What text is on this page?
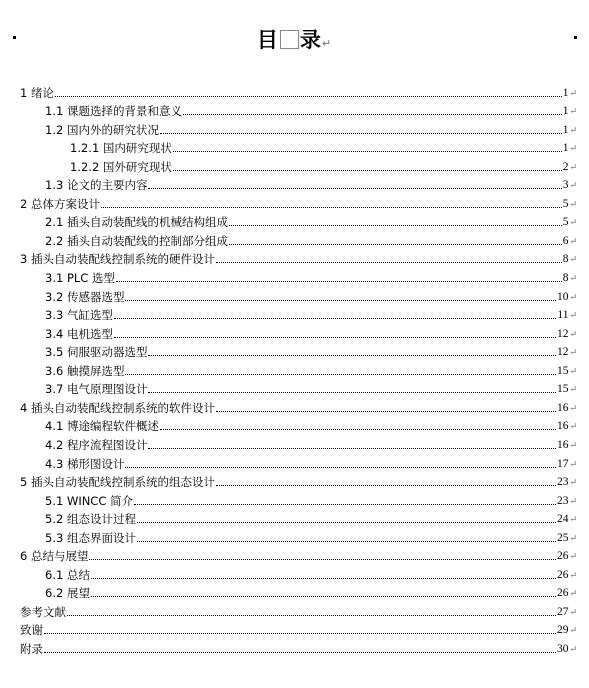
目 录↵
1 绪论	1 ↵
1.1 课题选择的背景和意义	1 ↵
1.2 国内外的研究状况	1 ↵
1.2.1 国内研究现状	1 ↵
1.2.2 国外研究现状	2 ↵
1.3 论文的主要内容	3 ↵
2 总体方案设计	5 ↵
2.1 插头自动装配线的机械结构组成	5 ↵
2.2 插头自动装配线的控制部分组成	6 ↵
3 插头自动装配线控制系统的硬件设计	8 ↵
3.1 PLC 选型	8 ↵
3.2 传感器选型	10 ↵
3.3 气缸选型	11 ↵
3.4 电机选型	12 ↵
3.5 伺服驱动器选型	12 ↵
3.6 触摸屏选型	15 ↵
3.7 电气原理图设计	15 ↵
4 插头自动装配线控制系统的软件设计	16 ↵
4.1 博途编程软件概述	16 ↵
4.2 程序流程图设计	16 ↵
4.3 梯形图设计	17 ↵
5 插头自动装配线控制系统的组态设计	23 ↵
5.1 WINCC 简介	23 ↵
5.2 组态设计过程	24 ↵
5.3 组态界面设计	25 ↵
6 总结与展望	26 ↵
6.1 总结	26 ↵
6.2 展望	26 ↵
参考文献	27 ↵
致谢	29 ↵
附录	30 ↵
